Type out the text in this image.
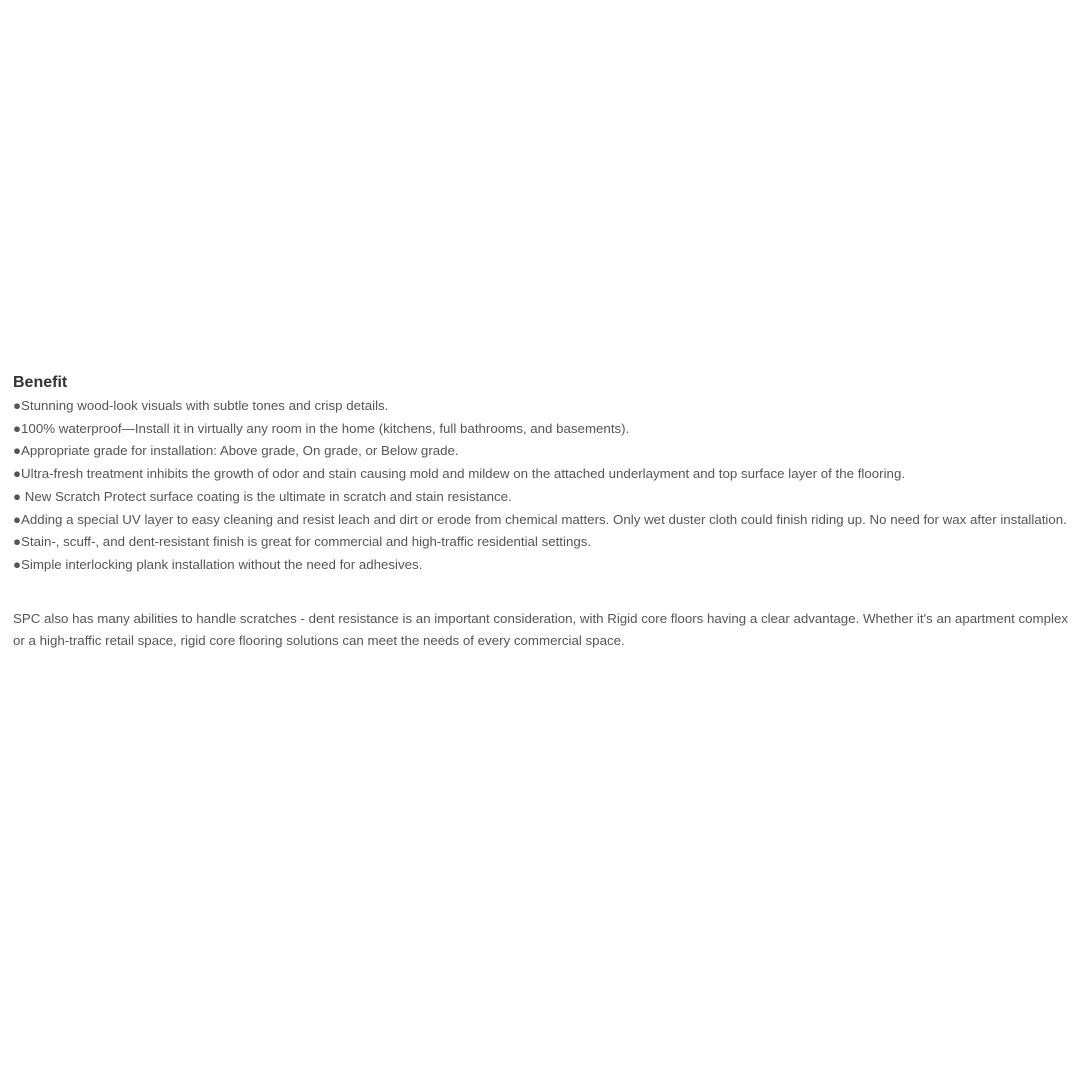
Benefit
●Stunning wood-look visuals with subtle tones and crisp details.
●100% waterproof—Install it in virtually any room in the home (kitchens, full bathrooms, and basements).
●Appropriate grade for installation: Above grade, On grade, or Below grade.
●Ultra-fresh treatment inhibits the growth of odor and stain causing mold and mildew on the attached underlayment and top surface layer of the flooring.
● New Scratch Protect surface coating is the ultimate in scratch and stain resistance.
●Adding a special UV layer to easy cleaning and resist leach and dirt or erode from chemical matters. Only wet duster cloth could finish riding up. No need for wax after installation.
●Stain-, scuff-, and dent-resistant finish is great for commercial and high-traffic residential settings.
●Simple interlocking plank installation without the need for adhesives.

SPC also has many abilities to handle scratches - dent resistance is an important consideration, with Rigid core floors having a clear advantage. Whether it's an apartment complex or a high-traffic retail space, rigid core flooring solutions can meet the needs of every commercial space.
